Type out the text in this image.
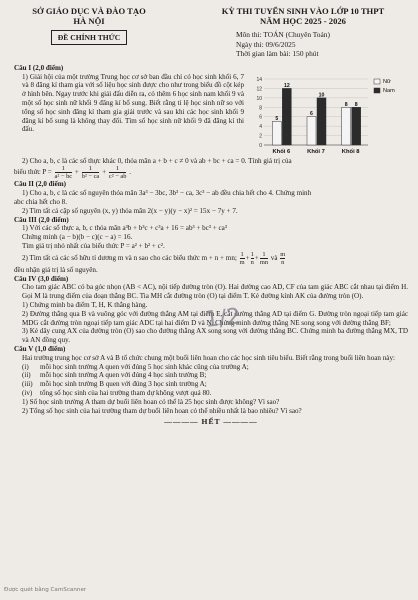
SỞ GIÁO DỤC VÀ ĐÀO TẠO
HÀ NỘI
ĐỀ CHÍNH THỨC
KỲ THI TUYỂN SINH VÀO LỚP 10 THPT
NĂM HỌC 2025 - 2026
Môn thi: TOÁN (Chuyên Toán)
Ngày thi: 09/6/2025
Thời gian làm bài: 150 phút
Câu I (2,0 điểm)
1) Giải hội của một trường Trung học cơ sở ban đầu chỉ có học sinh khối 6, 7 và 8 đăng kí tham gia với số liệu học sinh được cho như trong biểu đồ cột kép ở hình bên. Ngay trước khi giải đấu diễn ra, có thêm 6 học sinh nam khối 9 và một số học sinh nữ khối 9 đăng kí bổ sung. Biết rằng tỉ lệ học sinh nữ so với tổng số học sinh đăng kí tham gia giải trước và sau khi các học sinh khối 9 đăng kí bổ sung là không thay đổi. Tìm số học sinh nữ khối 9 đã đăng kí thi đấu.
0
2
4
6
8
10
12
14
5
12
Khối 6
6
10
Khối 7
8 8
Khối 8
Nữ
Nam
2) Cho a, b, c là các số thực khác 0, thỏa mãn a + b + c ≠ 0 và ab + bc + ca = 0. Tính giá trị của
biểu thức $P = \frac{1}{\text{a² − bc}} + \frac{1}{\text{b² − ca}} + \frac{1}{\text{c² − ab}}$ .
Câu II (2,0 điểm)
1) Cho a, b, c là các số nguyên thỏa mãn 3a³ − 3bc, 3b³ − ca, 3c³ − ab đều chia hết cho 4. Chứng minh
abc chia hết cho 8.
2) Tìm tất cả cặp số nguyên (x, y) thỏa mãn 2(x − y)(y − x)² = 15x − 7y + 7.
Câu III (2,0 điểm)
1) Với các số thực a, b, c thỏa mãn a³b + b³c + c³a + 16 = ab³ + bc³ + ca³
Chứng minh (a − b)(b − c)(c − a) = 16.
Tìm giá trị nhỏ nhất của biểu thức P = a² + b² + c².
2) Tìm tất cả các số hữu tỉ dương m và n sao cho các biểu thức m + n + mn; $\frac{1}{m} + \frac{1}{n} + \frac{1}{mn}$ và $\frac{m}{n}$
đều nhận giá trị là số nguyên.
Câu IV (3,0 điểm)
Cho tam giác ABC có ba góc nhọn (AB < AC), nội tiếp đường tròn (O). Hai đường cao AD, CF của tam giác ABC cắt nhau tại điểm H. Gọi M là trung điểm của đoạn thẳng BC. Tia MH cắt đường tròn (O) tại điểm T. Kẻ đường kính AK của đường tròn (O).
1) Chứng minh ba điểm T, H, K thẳng hàng.
2) Đường thẳng qua B và vuông góc với đường thẳng AM tại điểm E, cắt đường thẳng AD tại điểm G. Đường tròn ngoại tiếp tam giác MDG cắt đường tròn ngoại tiếp tam giác ADC tại hai điểm D và N. Chứng minh đường thẳng NE song song với đường thẳng BF;
3) Kẻ dây cung AX của đường tròn (O) sao cho đường thẳng AX song song với đường thẳng BC. Chứng minh ba đường thẳng MX, TD và AN đồng quy.
Câu V (1,0 điểm)
Hai trường trung học cơ sở A và B tổ chức chung một buổi liên hoan cho các học sinh tiêu biểu. Biết rằng trong buổi liên hoan này:
(i)	mỗi học sinh trường A quen với đúng 5 học sinh khác cũng của trường A;
(ii)	mỗi học sinh trường A quen với đúng 4 học sinh trường B;
(iii)	mỗi học sinh trường B quen với đúng 3 học sinh trường A;
(iv)	tổng số học sinh của hai trường tham dự không vượt quá 80.
1) Số học sinh trường A tham dự buổi liên hoan có thể là 25 học sinh được không? Vì sao?
2) Tổng số học sinh của hai trường tham dự buổi liên hoan có thể nhiều nhất là bao nhiêu? Vì sao?
———— HẾT ————
1/2
Được quét bằng CamScanner
